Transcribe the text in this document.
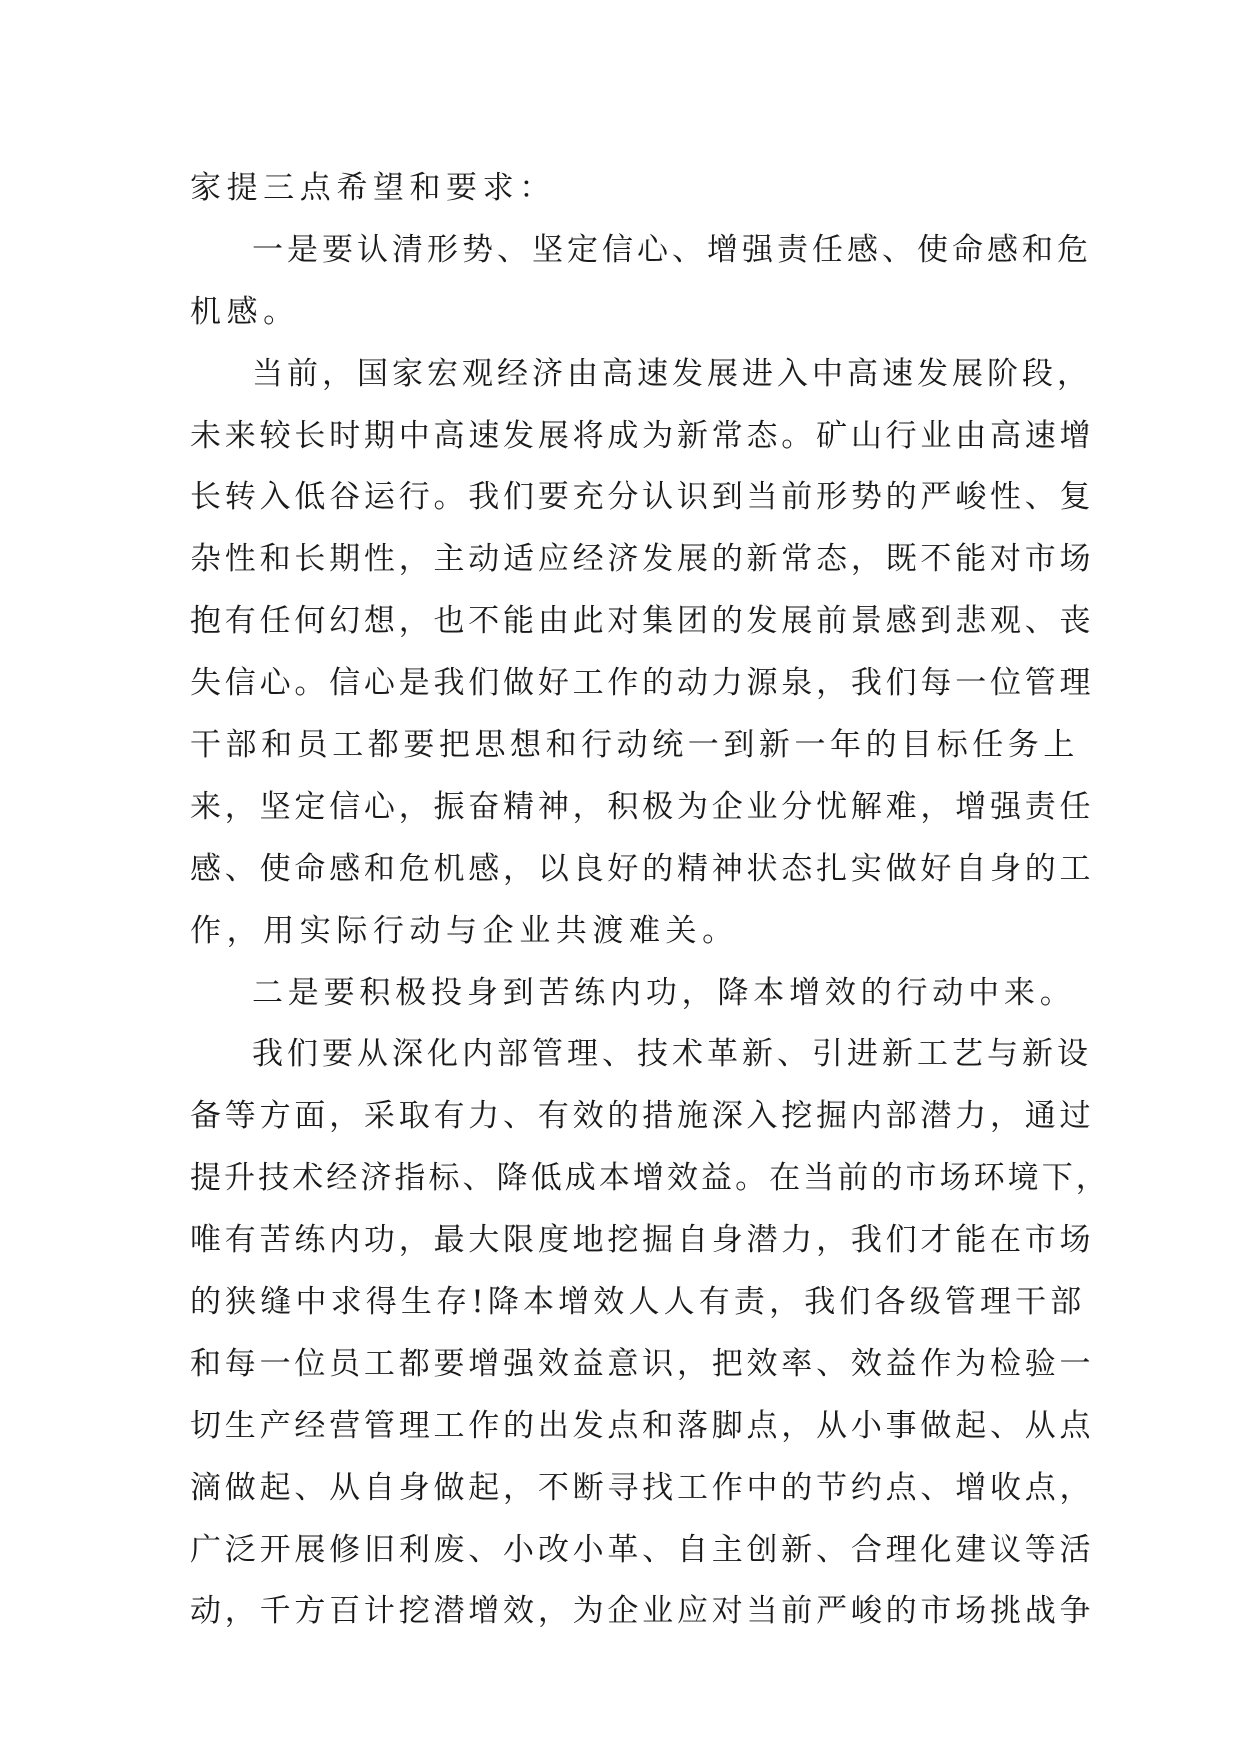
家提三点希望和要求：
一是要认清形势、坚定信心、增强责任感、使命感和危
机感。
当前，国家宏观经济由高速发展进入中高速发展阶段，
未来较长时期中高速发展将成为新常态。矿山行业由高速增
长转入低谷运行。我们要充分认识到当前形势的严峻性、复
杂性和长期性，主动适应经济发展的新常态，既不能对市场
抱有任何幻想，也不能由此对集团的发展前景感到悲观、丧
失信心。信心是我们做好工作的动力源泉，我们每一位管理
干部和员工都要把思想和行动统一到新一年的目标任务上
来，坚定信心，振奋精神，积极为企业分忧解难，增强责任
感、使命感和危机感，以良好的精神状态扎实做好自身的工
作，用实际行动与企业共渡难关。
二是要积极投身到苦练内功，降本增效的行动中来。
我们要从深化内部管理、技术革新、引进新工艺与新设
备等方面，采取有力、有效的措施深入挖掘内部潜力，通过
提升技术经济指标、降低成本增效益。在当前的市场环境下，
唯有苦练内功，最大限度地挖掘自身潜力，我们才能在市场
的狭缝中求得生存!降本增效人人有责，我们各级管理干部
和每一位员工都要增强效益意识，把效率、效益作为检验一
切生产经营管理工作的出发点和落脚点，从小事做起、从点
滴做起、从自身做起，不断寻找工作中的节约点、增收点，
广泛开展修旧利废、小改小革、自主创新、合理化建议等活
动，千方百计挖潜增效，为企业应对当前严峻的市场挑战争
